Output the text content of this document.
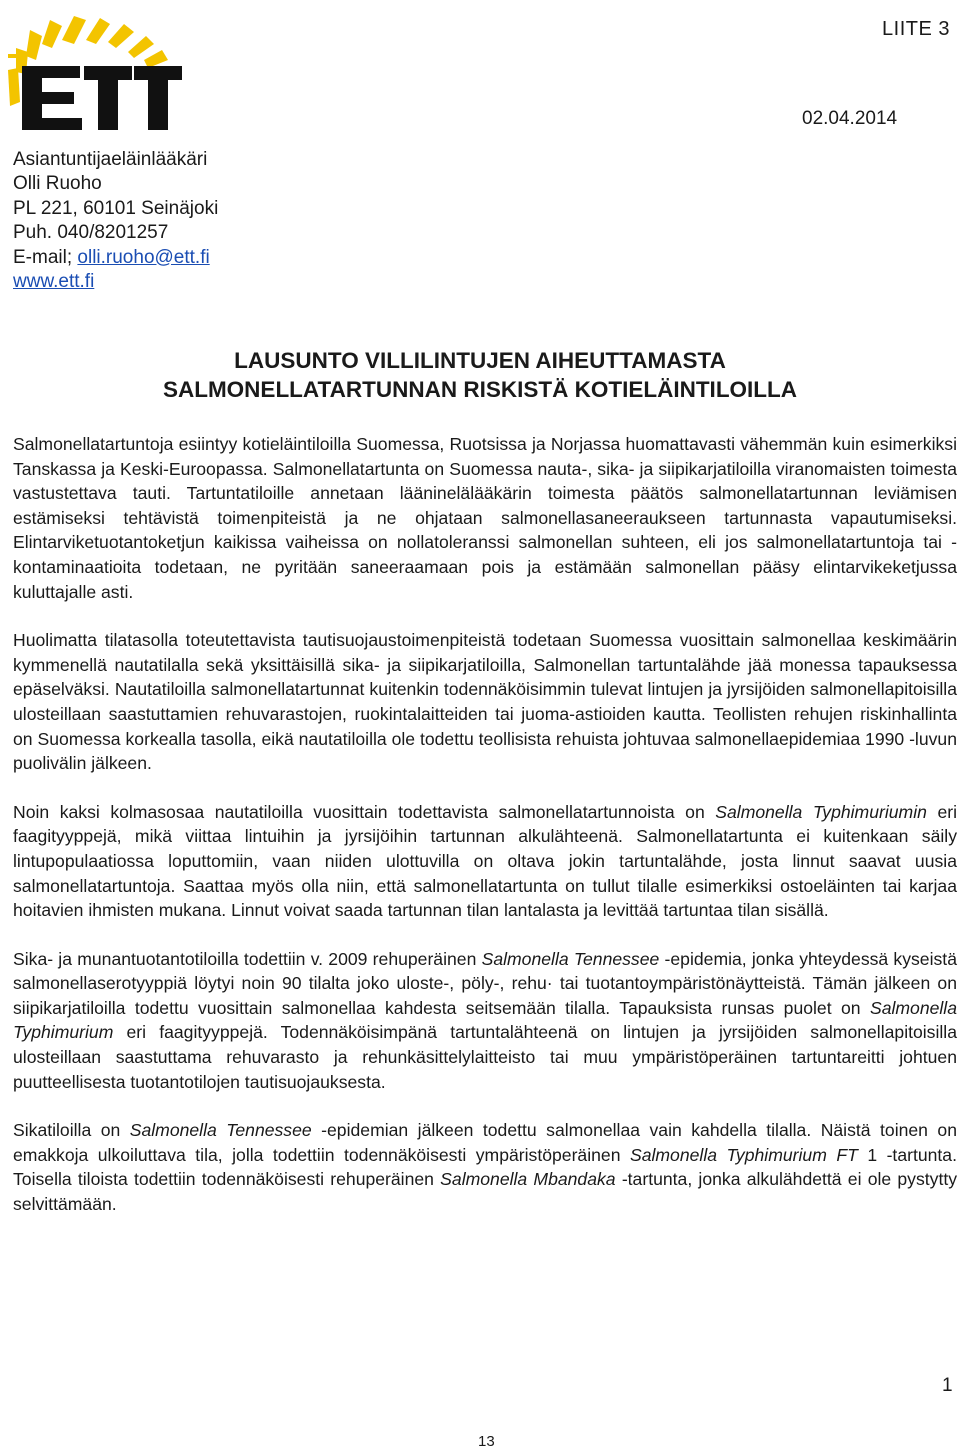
ETT
LIITE 3
02.04.2014
Asiantuntijaeläinlääkäri
Olli Ruoho
PL 221, 60101 Seinäjoki
Puh. 040/8201257
E-mail; olli.ruoho@ett.fi
www.ett.fi
LAUSUNTO VILLILINTUJEN AIHEUTTAMASTA
SALMONELLATARTUNNAN RISKISTÄ KOTIELÄINTILOILLA

Salmonellatartuntoja esiintyy kotieläintiloilla Suomessa, Ruotsissa ja Norjassa huomattavasti vähemmän kuin esimerkiksi Tanskassa ja Keski-Euroopassa. Salmonellatartunta on Suomessa nauta-, sika- ja siipikarjatiloilla viranomaisten toimesta vastustettava tauti. Tartuntatiloille annetaan lääninelälääkärin toimesta päätös salmonellatartunnan leviämisen estämiseksi tehtävistä toimenpiteistä ja ne ohjataan salmonellasaneeraukseen tartunnasta vapautumiseksi. Elintarviketuotantoketjun kaikissa vaiheissa on nollatoleranssi salmonellan suhteen, eli jos salmonellatartuntoja tai -kontaminaatioita todetaan, ne pyritään saneeraamaan pois ja estämään salmonellan pääsy elintarvikeketjussa kuluttajalle asti.

Huolimatta tilatasolla toteutettavista tautisuojaustoimenpiteistä todetaan Suomessa vuosittain salmonellaa keskimäärin kymmenellä nautatilalla sekä yksittäisillä sika- ja siipikarjatiloilla, Salmonellan tartuntalähde jää monessa tapauksessa epäselväksi. Nautatiloilla salmonellatartunnat kuitenkin todennäköisimmin tulevat lintujen ja jyrsijöiden salmonellapitoisilla ulosteillaan saastuttamien rehuvarastojen, ruokintalaitteiden tai juoma-astioiden kautta. Teollisten rehujen riskinhallinta on Suomessa korkealla tasolla, eikä nautatiloilla ole todettu teollisista rehuista johtuvaa salmonellaepidemiaa 1990 -luvun puolivälin jälkeen.

Noin kaksi kolmasosaa nautatiloilla vuosittain todettavista salmonellatartunnoista on Salmonella Typhimuriumin eri faagityyppejä, mikä viittaa lintuihin ja jyrsijöihin tartunnan alkulähteenä. Salmonellatartunta ei kuitenkaan säily lintupopulaatiossa loputtomiin, vaan niiden ulottuvilla on oltava jokin tartuntalähde, josta linnut saavat uusia salmonellatartuntoja. Saattaa myös olla niin, että salmonellatartunta on tullut tilalle esimerkiksi ostoeläinten tai karjaa hoitavien ihmisten mukana. Linnut voivat saada tartunnan tilan lantalasta ja levittää tartuntaa tilan sisällä.

Sika- ja munantuotantotiloilla todettiin v. 2009 rehuperäinen Salmonella Tennessee -epidemia, jonka yhteydessä kyseistä salmonellaserotyyppiä löytyi noin 90 tilalta joko uloste-, pöly-, rehu· tai tuotantoympäristönäytteistä. Tämän jälkeen on siipikarjatiloilla todettu vuosittain salmonellaa kahdesta seitsemään tilalla. Tapauksista runsas puolet on Salmonella Typhimurium eri faagityyppejä. Todennäköisimpänä tartuntalähteenä on lintujen ja jyrsijöiden salmonellapitoisilla ulosteillaan saastuttama rehuvarasto ja rehunkäsittelylaitteisto tai muu ympäristöperäinen tartuntareitti johtuen puutteellisesta tuotantotilojen tautisuojauksesta.

Sikatiloilla on Salmonella Tennessee -epidemian jälkeen todettu salmonellaa vain kahdella tilalla. Näistä toinen on emakkoja ulkoiluttava tila, jolla todettiin todennäköisesti ympäristöperäinen Salmonella Typhimurium FT 1 -tartunta. Toisella tiloista todettiin todennäköisesti rehuperäinen Salmonella Mbandaka -tartunta, jonka alkulähdettä ei ole pystytty selvittämään.

1
13
